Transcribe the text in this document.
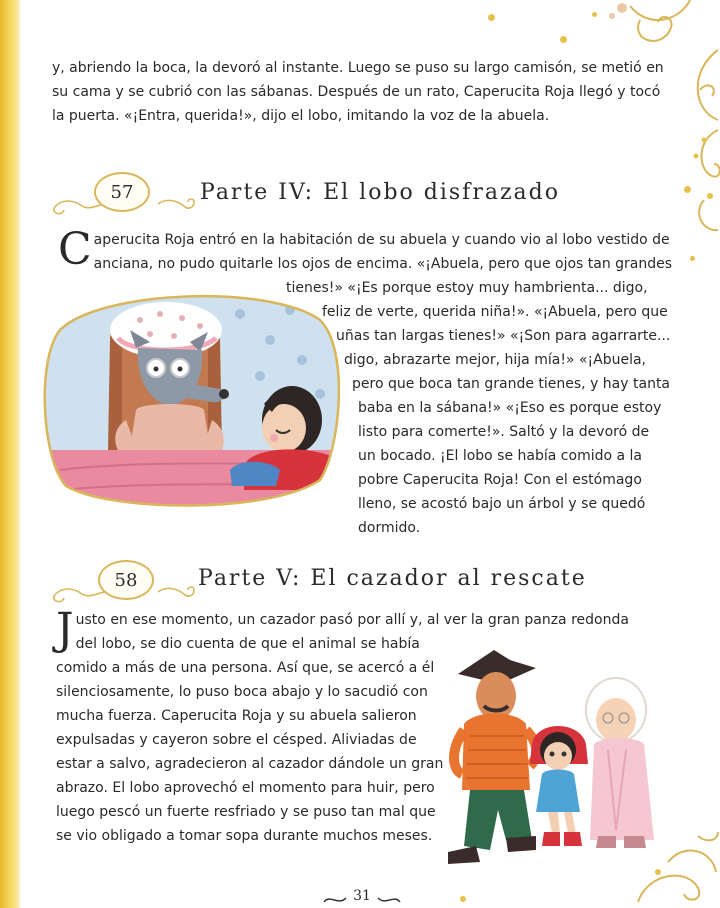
y, abriendo la boca, la devoró al instante. Luego se puso su largo camisón, se metió en
su cama y se cubrió con las sábanas. Después de un rato, Caperucita Roja llegó y tocó
la puerta. «¡Entra, querida!», dijo el lobo, imitando la voz de la abuela.
57	Parte IV: El lobo disfrazado
C aperucita Roja entró en la habitación de su abuela y cuando vio al lobo vestido de
anciana, no pudo quitarle los ojos de encima. «¡Abuela, pero que ojos tan grandes
tienes!» «¡Es porque estoy muy hambrienta... digo,
feliz de verte, querida niña!». «¡Abuela, pero que
uñas tan largas tienes!» «¡Son para agarrarte...
digo, abrazarte mejor, hija mía!» «¡Abuela,
pero que boca tan grande tienes, y hay tanta
baba en la sábana!» «¡Eso es porque estoy
listo para comerte!». Saltó y la devoró de
un bocado. ¡El lobo se había comido a la
pobre Caperucita Roja! Con el estómago
lleno, se acostó bajo un árbol y se quedó
dormido.
58	Parte V: El cazador al rescate
J usto en ese momento, un cazador pasó por allí y, al ver la gran panza redonda
del lobo, se dio cuenta de que el animal se había
comido a más de una persona. Así que, se acercó a él
silenciosamente, lo puso boca abajo y lo sacudió con
mucha fuerza. Caperucita Roja y su abuela salieron
expulsadas y cayeron sobre el césped. Aliviadas de
estar a salvo, agradecieron al cazador dándole un gran
abrazo. El lobo aprovechó el momento para huir, pero
luego pescó un fuerte resfriado y se puso tan mal que
se vio obligado a tomar sopa durante muchos meses.
31
